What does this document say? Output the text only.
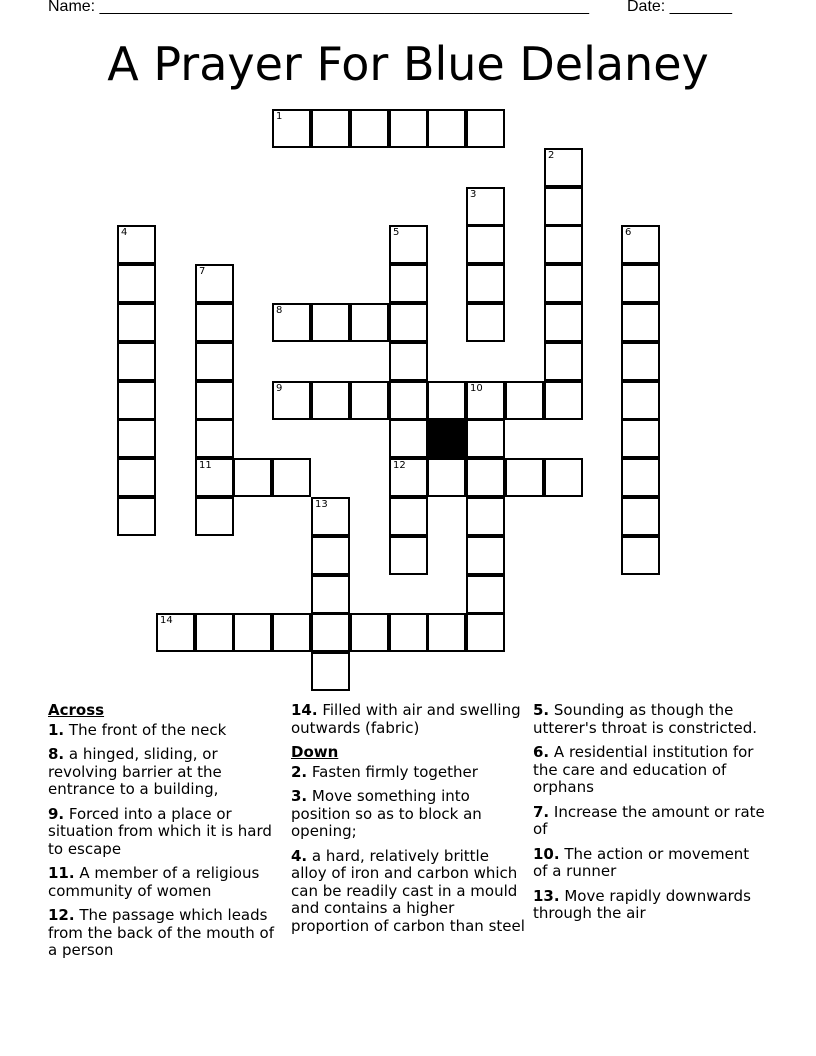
Name: _______________________________________________________ Date: _______
A Prayer For Blue Delaney
1
2
3
4	5	6
7
8
9	10
11	12
13
14
Across
1. The front of the neck
8. a hinged, sliding, or revolving barrier at the entrance to a building,
9. Forced into a place or situation from which it is hard to escape
11. A member of a religious community of women
12. The passage which leads from the back of the mouth of a person
14. Filled with air and swelling outwards (fabric)
Down
2. Fasten firmly together
3. Move something into position so as to block an opening;
4. a hard, relatively brittle alloy of iron and carbon which can be readily cast in a mould and contains a higher proportion of carbon than steel
5. Sounding as though the utterer's throat is constricted.
6. A residential institution for the care and education of orphans
7. Increase the amount or rate of
10. The action or movement of a runner
13. Move rapidly downwards through the air
